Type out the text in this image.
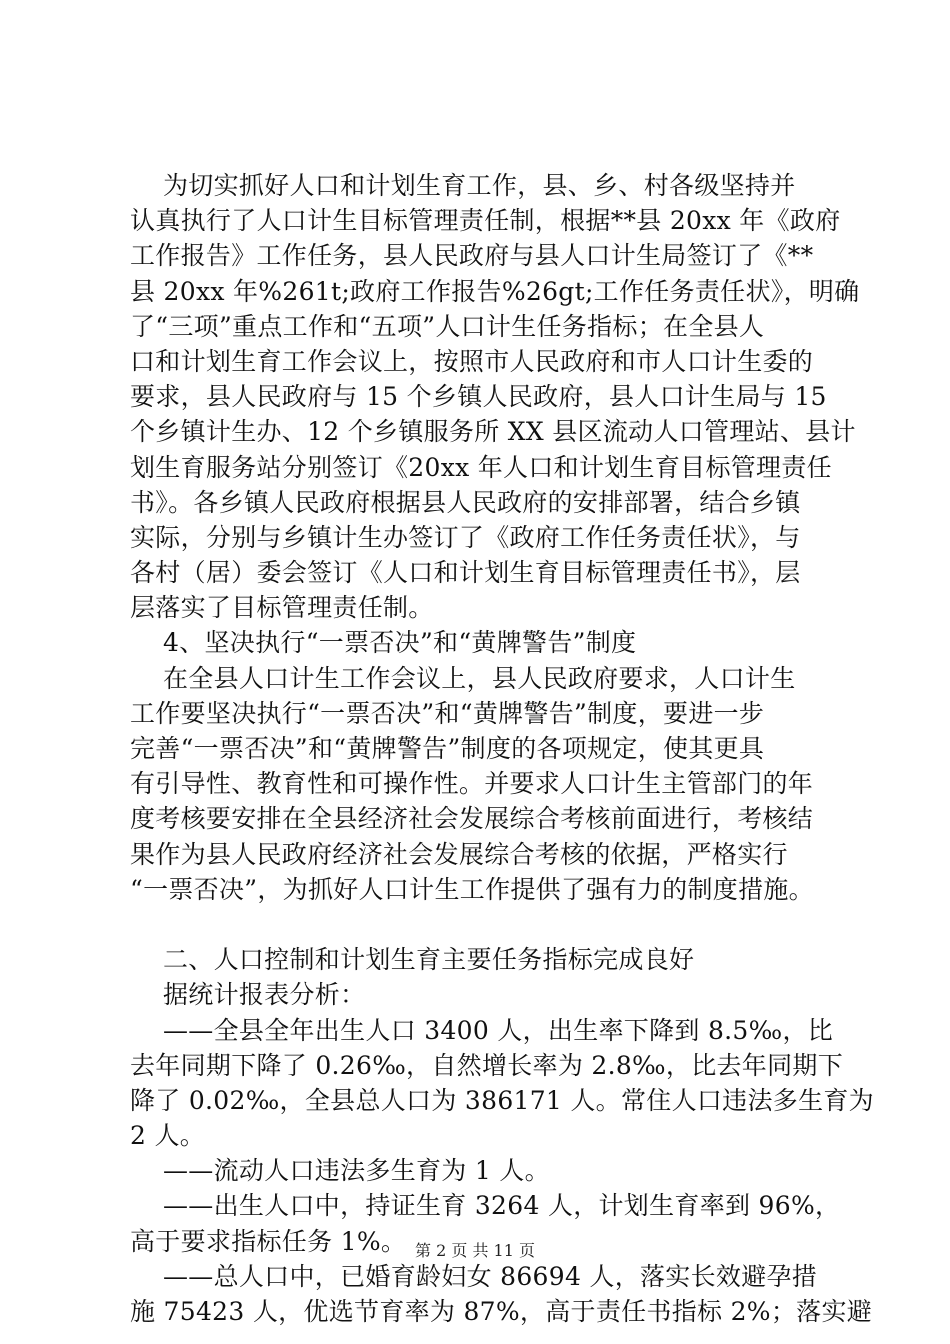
为切实抓好人口和计划生育工作，县、乡、村各级坚持并
认真执行了人口计生目标管理责任制，根据**县 20xx 年《政府
工作报告》工作任务，县人民政府与县人口计生局签订了《**
县 20xx 年%261t;政府工作报告%26gt;工作任务责任状》，明确
了“三项”重点工作和“五项”人口计生任务指标；在全县人
口和计划生育工作会议上，按照市人民政府和市人口计生委的
要求，县人民政府与 15 个乡镇人民政府，县人口计生局与 15
个乡镇计生办、12 个乡镇服务所 XX 县区流动人口管理站、县计
划生育服务站分别签订《20xx 年人口和计划生育目标管理责任
书》。各乡镇人民政府根据县人民政府的安排部署，结合乡镇
实际，分别与乡镇计生办签订了《政府工作任务责任状》，与
各村（居）委会签订《人口和计划生育目标管理责任书》，层
层落实了目标管理责任制。
4、坚决执行“一票否决”和“黄牌警告”制度
在全县人口计生工作会议上，县人民政府要求，人口计生
工作要坚决执行“一票否决”和“黄牌警告”制度，要进一步
完善“一票否决”和“黄牌警告”制度的各项规定，使其更具
有引导性、教育性和可操作性。并要求人口计生主管部门的年
度考核要安排在全县经济社会发展综合考核前面进行，考核结
果作为县人民政府经济社会发展综合考核的依据，严格实行
“一票否决”，为抓好人口计生工作提供了强有力的制度措施。
二、人口控制和计划生育主要任务指标完成良好
据统计报表分析：
——全县全年出生人口 3400 人，出生率下降到 8.5‰，比
去年同期下降了 0.26‰，自然增长率为 2.8‰，比去年同期下
降了 0.02‰，全县总人口为 386171 人。常住人口违法多生育为
2 人。
——流动人口违法多生育为 1 人。
——出生人口中，持证生育 3264 人，计划生育率到 96%，
高于要求指标任务 1%。
——总人口中，已婚育龄妇女 86694 人，落实长效避孕措
施 75423 人，优选节育率为 87%，高于责任书指标 2%；落实避
第 2 页 共 11 页
